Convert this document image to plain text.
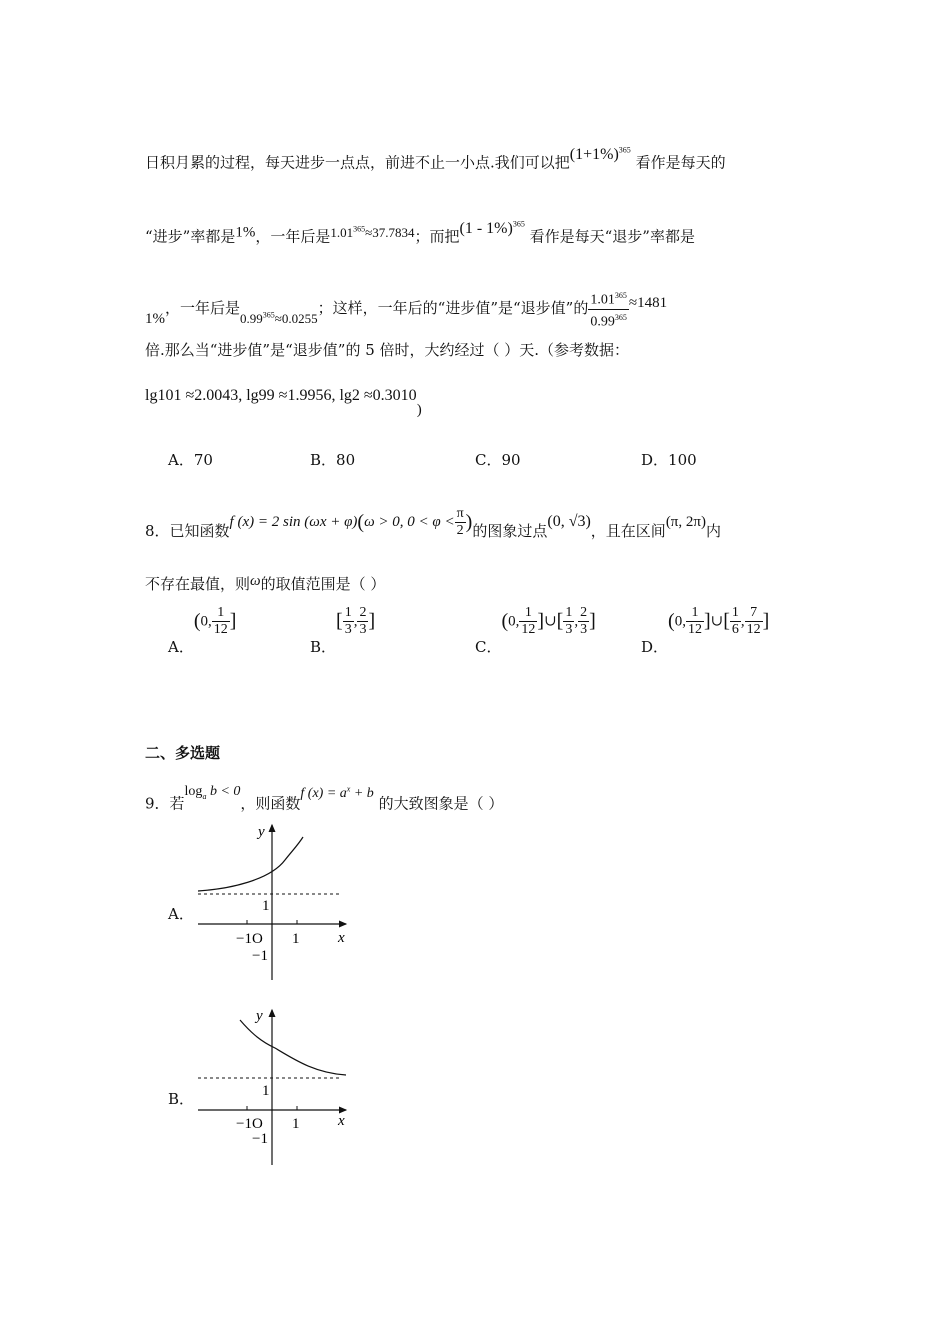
日积月累的过程，每天进步一点点，前进不止一小点.我们可以把$(1+1\%)^{365}$ 看作是每天的
“进步”率都是1%，一年后是$1.01^{365}\approx 37.7834$；而把(1 - 1%)$^{365}$ 看作是每天“退步”率都是
1%，一年后是$0.99^{365}\approx 0.0255$；这样，一年后的“进步值”是“退步值”的 $\frac{1.01^{365}}{0.99^{365}} \approx 1481$
倍.那么当“进步值”是“退步值”的 5 倍时，大约经过（ ）天.（参考数据：
lg101 ≈2.0043, lg99 ≈1.9956, lg2 ≈0.3010)
A．70	B．80	C．90	D．100
8．已知函数f (x) = 2 sin (ωx + φ)(ω > 0, $0 < \varphi < \frac{\pi}{2}$ )的图象过点(0, √3)，且在区间(π, 2π)内
不存在最值，则ω的取值范围是（ ）
A．(0, $\frac{1}{12}$ ]
B．[ $\frac{1}{3}$ , $\frac{2}{3}$ ]
C．(0, $\frac{1}{12}$ ]∪[ $\frac{1}{3}$ , $\frac{2}{3}$ ]
D．(0, $\frac{1}{12}$ ]∪[ $\frac{1}{6}$ , $\frac{7}{12}$ ]
二、多选题
9．若$\log_a b < 0$，则函数f $(x) = a^x + b$ 的大致图象是（ ）
A．
y
1
−1O 1	x
−1
B．
y
1
−1O 1	x
−1
